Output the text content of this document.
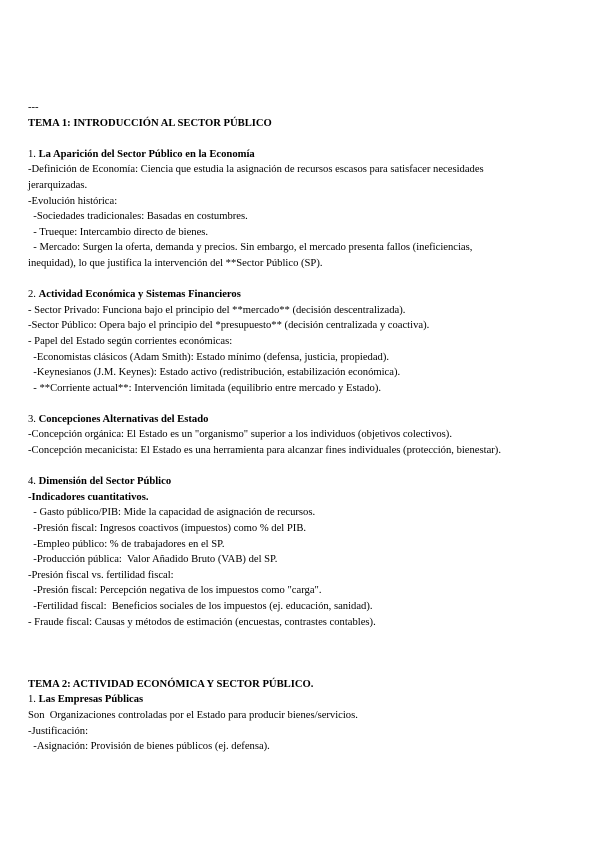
---
TEMA 1: INTRODUCCIÓN AL SECTOR PÚBLICO
1. La Aparición del Sector Público en la Economía
-Definición de Economía: Ciencia que estudia la asignación de recursos escasos para satisfacer necesidades
jerarquizadas.
-Evolución histórica:
-Sociedades tradicionales: Basadas en costumbres.
- Trueque: Intercambio directo de bienes.
- Mercado: Surgen la oferta, demanda y precios. Sin embargo, el mercado presenta fallos (ineficiencias,
inequidad), lo que justifica la intervención del **Sector Público (SP).
2. Actividad Económica y Sistemas Financieros
- Sector Privado: Funciona bajo el principio del **mercado** (decisión descentralizada).
-Sector Público: Opera bajo el principio del *presupuesto** (decisión centralizada y coactiva).
- Papel del Estado según corrientes económicas:
-Economistas clásicos (Adam Smith): Estado mínimo (defensa, justicia, propiedad).
-Keynesianos (J.M. Keynes): Estado activo (redistribución, estabilización económica).
- **Corriente actual**: Intervención limitada (equilibrio entre mercado y Estado).
3. Concepciones Alternativas del Estado
-Concepción orgánica: El Estado es un "organismo" superior a los individuos (objetivos colectivos).
-Concepción mecanicista: El Estado es una herramienta para alcanzar fines individuales (protección, bienestar).
4. Dimensión del Sector Público
-Indicadores cuantitativos.
- Gasto público/PIB: Mide la capacidad de asignación de recursos.
-Presión fiscal: Ingresos coactivos (impuestos) como % del PIB.
-Empleo público: % de trabajadores en el SP.
-Producción pública:  Valor Añadido Bruto (VAB) del SP.
-Presión fiscal vs. fertilidad fiscal:
-Presión fiscal: Percepción negativa de los impuestos como "carga".
-Fertilidad fiscal:  Beneficios sociales de los impuestos (ej. educación, sanidad).
- Fraude fiscal: Causas y métodos de estimación (encuestas, contrastes contables).
TEMA 2: ACTIVIDAD ECONÓMICA Y SECTOR PÚBLICO.
1. Las Empresas Públicas
Son  Organizaciones controladas por el Estado para producir bienes/servicios.
-Justificación:
-Asignación: Provisión de bienes públicos (ej. defensa).
